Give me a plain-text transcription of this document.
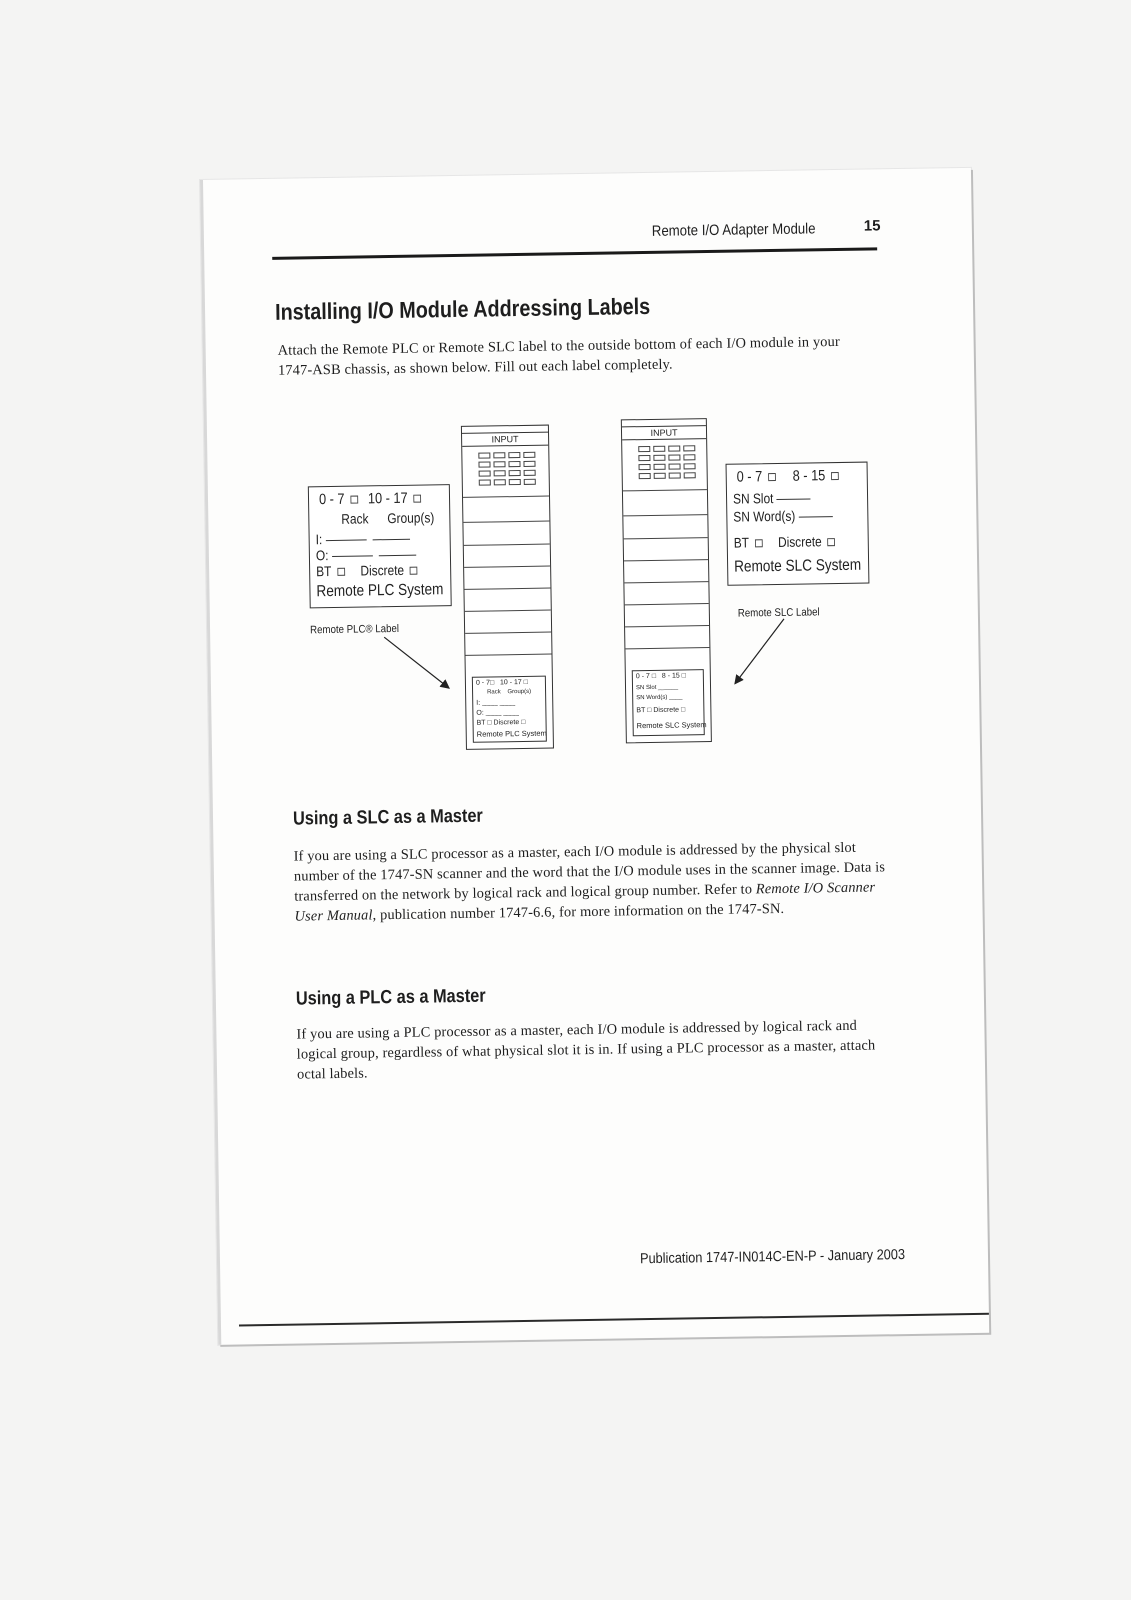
Remote I/O Adapter Module	15
Installing I/O Module Addressing Labels

Attach the Remote PLC or Remote SLC label to the outside bottom of each I/O module in your 1747-ASB chassis, as shown below. Fill out each label completely.

0 - 7 10 - 17
Rack Group(s)
I:
O:
BT Discrete
Remote PLC System
Remote PLC® Label
INPUT
0 - 7□   10 - 17 □
Rack Group(s)
I: ____ ____
O: ____ ____
BT □ Discrete □
Remote PLC System
INPUT
0 - 7 □   8 - 15 □
SN Slot ______
SN Word(s) ____
BT □ Discrete □
Remote SLC System
0 - 7 8 - 15
SN Slot
SN Word(s)
BT Discrete
Remote SLC System
Remote SLC Label
Using a SLC as a Master

If you are using a SLC processor as a master, each I/O module is addressed by the physical slot number of the 1747-SN scanner and the word that the I/O module uses in the scanner image. Data is transferred on the network by logical rack and logical group number. Refer to Remote I/O Scanner User Manual, publication number 1747-6.6, for more information on the 1747-SN.

Using a PLC as a Master

If you are using a PLC processor as a master, each I/O module is addressed by logical rack and logical group, regardless of what physical slot it is in. If using a PLC processor as a master, attach octal labels.

Publication 1747-IN014C-EN-P - January 2003
